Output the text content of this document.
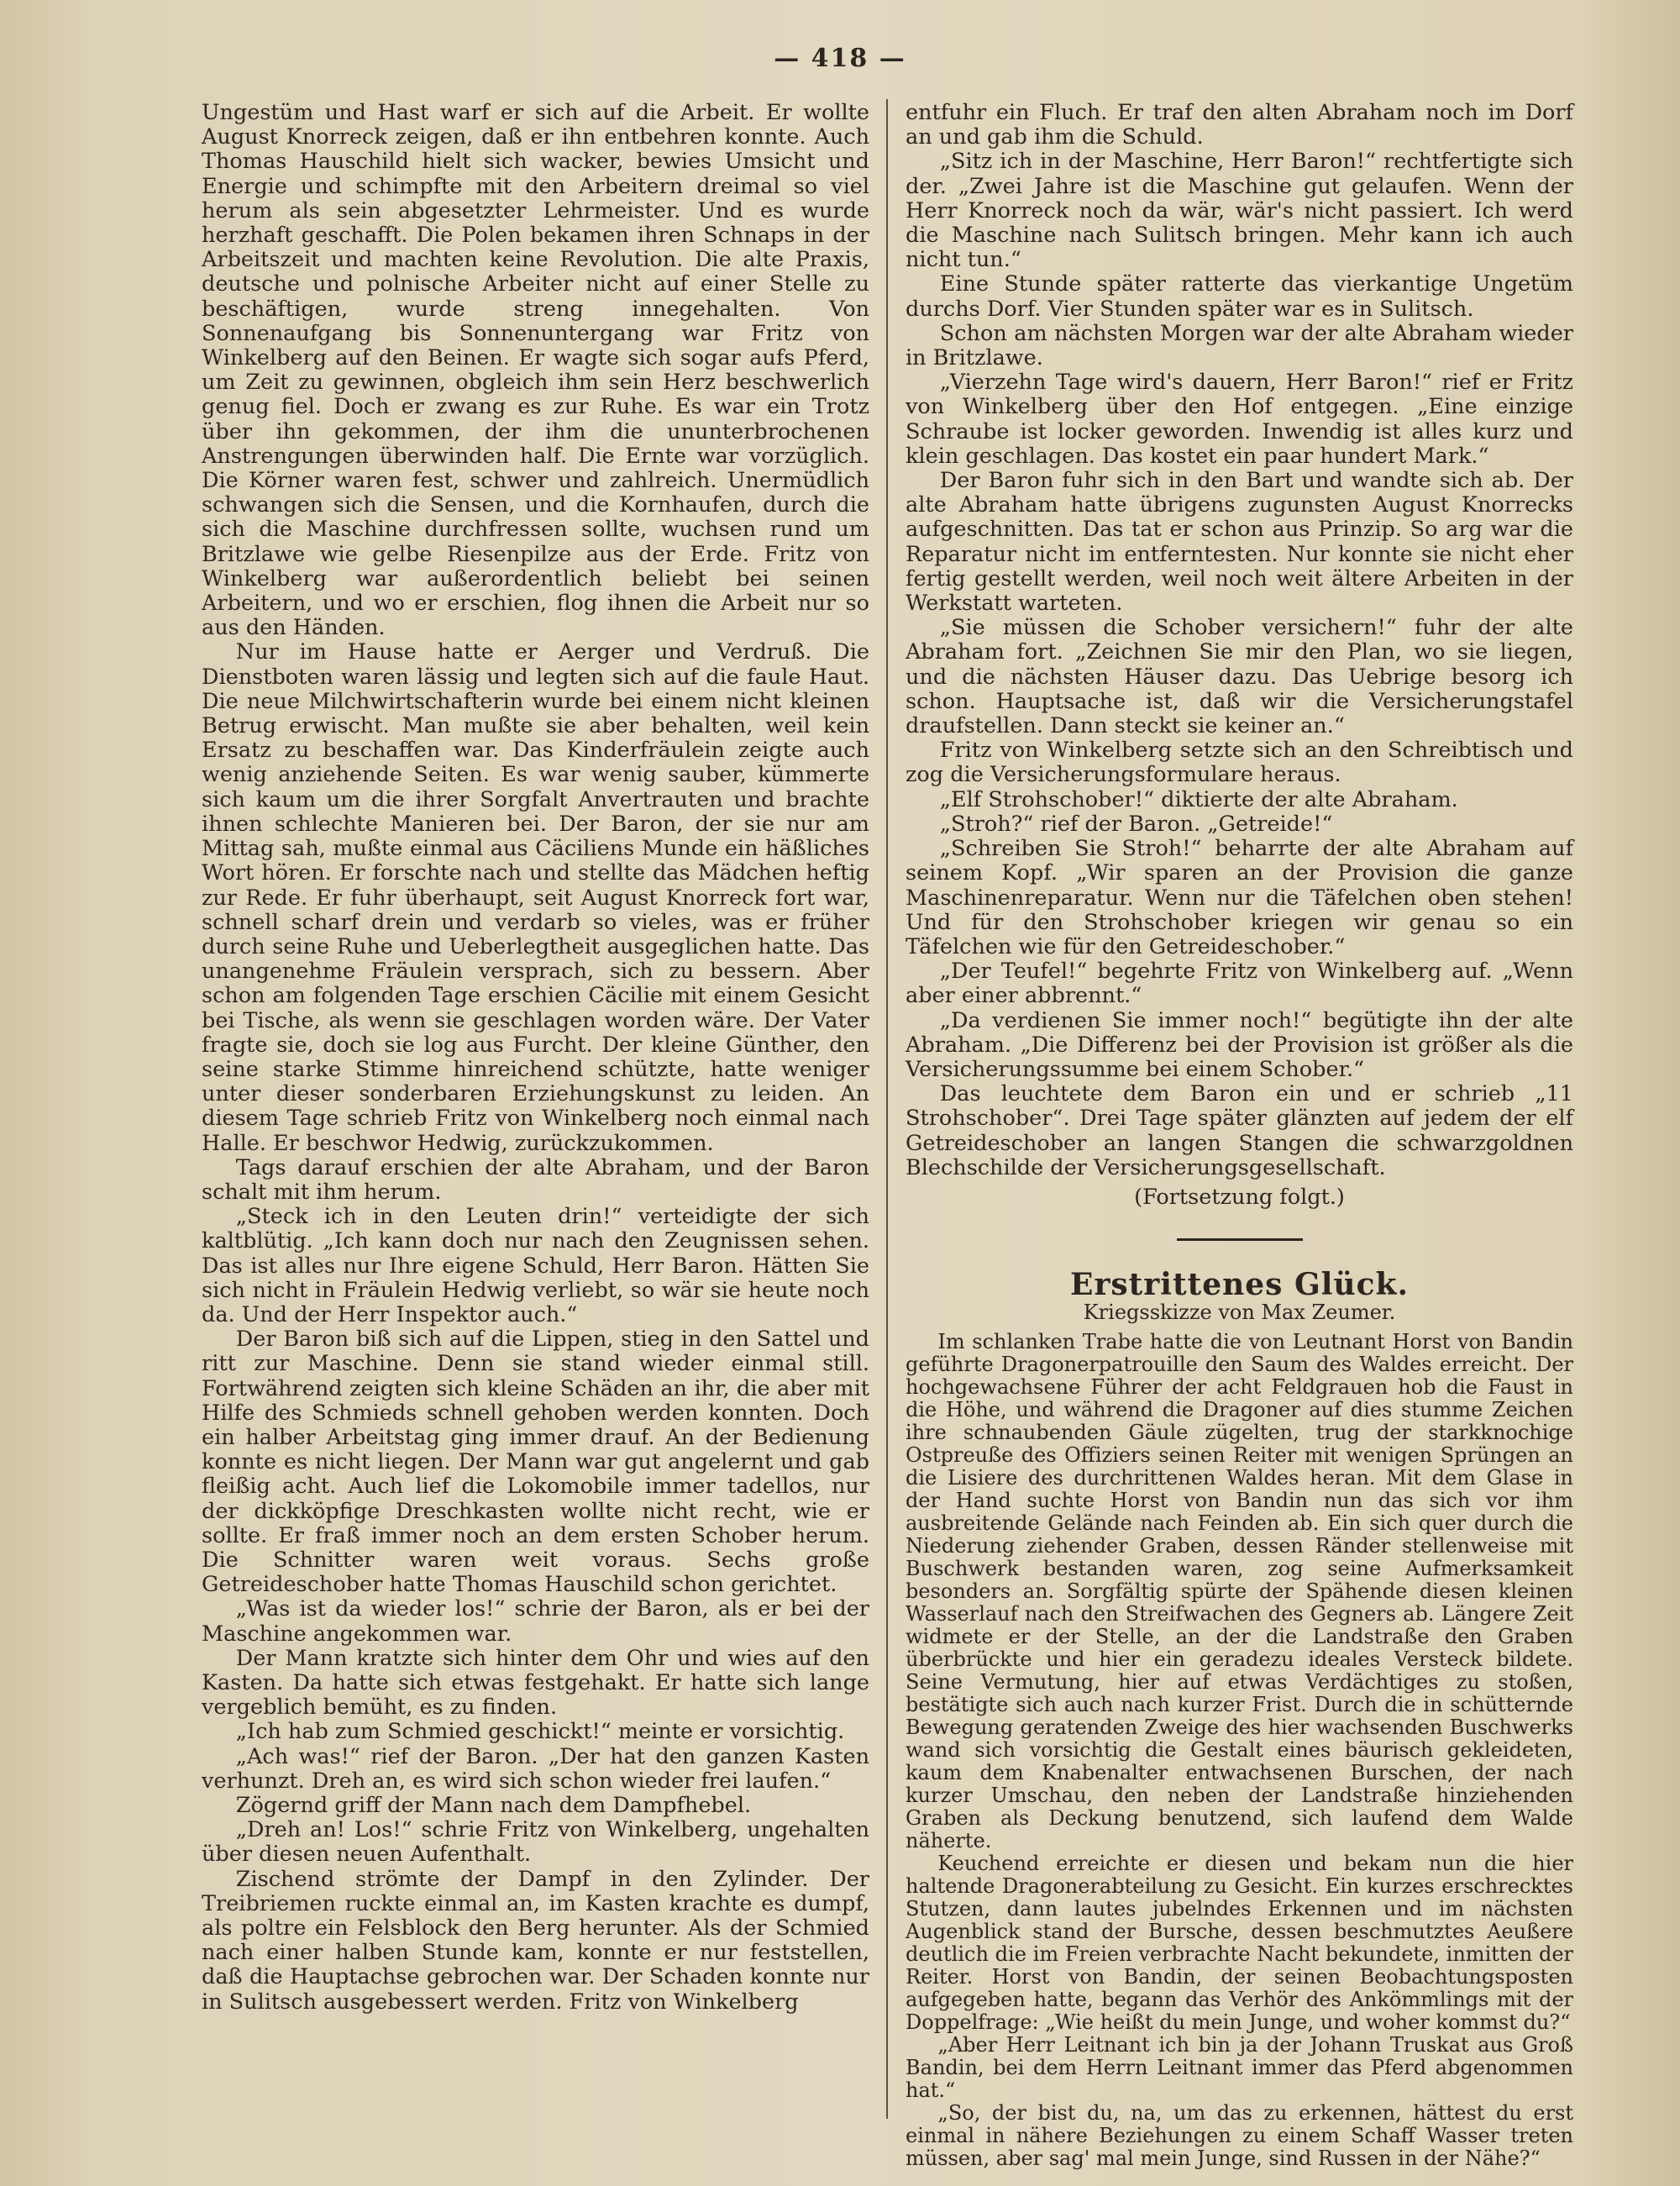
— 418 —

Ungestüm und Hast warf er sich auf die Arbeit. Er wollte August Knorreck zeigen, daß er ihn entbehren konnte. Auch Thomas Hauschild hielt sich wacker, bewies Umsicht und Energie und schimpfte mit den Arbeitern dreimal so viel herum als sein abgesetzter Lehrmeister. Und es wurde herzhaft geschafft. Die Polen bekamen ihren Schnaps in der Arbeitszeit und machten keine Revolution. Die alte Praxis, deutsche und polnische Arbeiter nicht auf einer Stelle zu beschäftigen, wurde streng innegehalten. Von Sonnenaufgang bis Sonnenuntergang war Fritz von Winkelberg auf den Beinen. Er wagte sich sogar aufs Pferd, um Zeit zu gewinnen, obgleich ihm sein Herz beschwerlich genug fiel. Doch er zwang es zur Ruhe. Es war ein Trotz über ihn gekommen, der ihm die ununterbrochenen Anstrengungen überwinden half. Die Ernte war vorzüglich. Die Körner waren fest, schwer und zahlreich. Unermüdlich schwangen sich die Sensen, und die Kornhaufen, durch die sich die Maschine durchfressen sollte, wuchsen rund um Britzlawe wie gelbe Riesenpilze aus der Erde. Fritz von Winkelberg war außerordentlich beliebt bei seinen Arbeitern, und wo er erschien, flog ihnen die Arbeit nur so aus den Händen.

Nur im Hause hatte er Aerger und Verdruß. Die Dienstboten waren lässig und legten sich auf die faule Haut. Die neue Milchwirtschafterin wurde bei einem nicht kleinen Betrug erwischt. Man mußte sie aber behalten, weil kein Ersatz zu beschaffen war. Das Kinderfräulein zeigte auch wenig anziehende Seiten. Es war wenig sauber, kümmerte sich kaum um die ihrer Sorgfalt Anvertrauten und brachte ihnen schlechte Manieren bei. Der Baron, der sie nur am Mittag sah, mußte einmal aus Cäciliens Munde ein häßliches Wort hören. Er forschte nach und stellte das Mädchen heftig zur Rede. Er fuhr überhaupt, seit August Knorreck fort war, schnell scharf drein und verdarb so vieles, was er früher durch seine Ruhe und Ueberlegtheit ausgeglichen hatte. Das unangenehme Fräulein versprach, sich zu bessern. Aber schon am folgenden Tage erschien Cäcilie mit einem Gesicht bei Tische, als wenn sie geschlagen worden wäre. Der Vater fragte sie, doch sie log aus Furcht. Der kleine Günther, den seine starke Stimme hinreichend schützte, hatte weniger unter dieser sonderbaren Erziehungskunst zu leiden. An diesem Tage schrieb Fritz von Winkelberg noch einmal nach Halle. Er beschwor Hedwig, zurückzukommen.

Tags darauf erschien der alte Abraham, und der Baron schalt mit ihm herum.

„Steck ich in den Leuten drin!“ verteidigte der sich kaltblütig. „Ich kann doch nur nach den Zeugnissen sehen. Das ist alles nur Ihre eigene Schuld, Herr Baron. Hätten Sie sich nicht in Fräulein Hedwig verliebt, so wär sie heute noch da. Und der Herr Inspektor auch.“

Der Baron biß sich auf die Lippen, stieg in den Sattel und ritt zur Maschine. Denn sie stand wieder einmal still. Fortwährend zeigten sich kleine Schäden an ihr, die aber mit Hilfe des Schmieds schnell gehoben werden konnten. Doch ein halber Arbeitstag ging immer drauf. An der Bedienung konnte es nicht liegen. Der Mann war gut angelernt und gab fleißig acht. Auch lief die Lokomobile immer tadellos, nur der dickköpfige Dreschkasten wollte nicht recht, wie er sollte. Er fraß immer noch an dem ersten Schober herum. Die Schnitter waren weit voraus. Sechs große Getreideschober hatte Thomas Hauschild schon gerichtet.

„Was ist da wieder los!“ schrie der Baron, als er bei der Maschine angekommen war.

Der Mann kratzte sich hinter dem Ohr und wies auf den Kasten. Da hatte sich etwas festgehakt. Er hatte sich lange vergeblich bemüht, es zu finden.

„Ich hab zum Schmied geschickt!“ meinte er vorsichtig.

„Ach was!“ rief der Baron. „Der hat den ganzen Kasten verhunzt. Dreh an, es wird sich schon wieder frei laufen.“

Zögernd griff der Mann nach dem Dampfhebel.

„Dreh an! Los!“ schrie Fritz von Winkelberg, ungehalten über diesen neuen Aufenthalt.

Zischend strömte der Dampf in den Zylinder. Der Treibriemen ruckte einmal an, im Kasten krachte es dumpf, als poltre ein Felsblock den Berg herunter. Als der Schmied nach einer halben Stunde kam, konnte er nur feststellen, daß die Hauptachse gebrochen war. Der Schaden konnte nur in Sulitsch ausgebessert werden. Fritz von Winkelberg

entfuhr ein Fluch. Er traf den alten Abraham noch im Dorf an und gab ihm die Schuld.

„Sitz ich in der Maschine, Herr Baron!“ rechtfertigte sich der. „Zwei Jahre ist die Maschine gut gelaufen. Wenn der Herr Knorreck noch da wär, wär's nicht passiert. Ich werd die Maschine nach Sulitsch bringen. Mehr kann ich auch nicht tun.“

Eine Stunde später ratterte das vierkantige Ungetüm durchs Dorf. Vier Stunden später war es in Sulitsch.

Schon am nächsten Morgen war der alte Abraham wieder in Britzlawe.

„Vierzehn Tage wird's dauern, Herr Baron!“ rief er Fritz von Winkelberg über den Hof entgegen. „Eine einzige Schraube ist locker geworden. Inwendig ist alles kurz und klein geschlagen. Das kostet ein paar hundert Mark.“

Der Baron fuhr sich in den Bart und wandte sich ab. Der alte Abraham hatte übrigens zugunsten August Knorrecks aufgeschnitten. Das tat er schon aus Prinzip. So arg war die Reparatur nicht im entferntesten. Nur konnte sie nicht eher fertig gestellt werden, weil noch weit ältere Arbeiten in der Werkstatt warteten.

„Sie müssen die Schober versichern!“ fuhr der alte Abraham fort. „Zeichnen Sie mir den Plan, wo sie liegen, und die nächsten Häuser dazu. Das Uebrige besorg ich schon. Hauptsache ist, daß wir die Versicherungstafel draufstellen. Dann steckt sie keiner an.“

Fritz von Winkelberg setzte sich an den Schreibtisch und zog die Versicherungsformulare heraus.

„Elf Strohschober!“ diktierte der alte Abraham.

„Stroh?“ rief der Baron. „Getreide!“

„Schreiben Sie Stroh!“ beharrte der alte Abraham auf seinem Kopf. „Wir sparen an der Provision die ganze Maschinenreparatur. Wenn nur die Täfelchen oben stehen! Und für den Strohschober kriegen wir genau so ein Täfelchen wie für den Getreideschober.“

„Der Teufel!“ begehrte Fritz von Winkelberg auf. „Wenn aber einer abbrennt.“

„Da verdienen Sie immer noch!“ begütigte ihn der alte Abraham. „Die Differenz bei der Provision ist größer als die Versicherungssumme bei einem Schober.“

Das leuchtete dem Baron ein und er schrieb „11 Strohschober“. Drei Tage später glänzten auf jedem der elf Getreideschober an langen Stangen die schwarzgoldnen Blechschilde der Versicherungsgesellschaft.

(Fortsetzung folgt.)

Erstrittenes Glück.
Kriegsskizze von Max Zeumer.

Im schlanken Trabe hatte die von Leutnant Horst von Bandin geführte Dragonerpatrouille den Saum des Waldes erreicht. Der hochgewachsene Führer der acht Feldgrauen hob die Faust in die Höhe, und während die Dragoner auf dies stumme Zeichen ihre schnaubenden Gäule zügelten, trug der starkknochige Ostpreuße des Offiziers seinen Reiter mit wenigen Sprüngen an die Lisiere des durchrittenen Waldes heran. Mit dem Glase in der Hand suchte Horst von Bandin nun das sich vor ihm ausbreitende Gelände nach Feinden ab. Ein sich quer durch die Niederung ziehender Graben, dessen Ränder stellenweise mit Buschwerk bestanden waren, zog seine Aufmerksamkeit besonders an. Sorgfältig spürte der Spähende diesen kleinen Wasserlauf nach den Streifwachen des Gegners ab. Längere Zeit widmete er der Stelle, an der die Landstraße den Graben überbrückte und hier ein geradezu ideales Versteck bildete. Seine Vermutung, hier auf etwas Verdächtiges zu stoßen, bestätigte sich auch nach kurzer Frist. Durch die in schütternde Bewegung geratenden Zweige des hier wachsenden Buschwerks wand sich vorsichtig die Gestalt eines bäurisch gekleideten, kaum dem Knabenalter entwachsenen Burschen, der nach kurzer Umschau, den neben der Landstraße hinziehenden Graben als Deckung benutzend, sich laufend dem Walde näherte.

Keuchend erreichte er diesen und bekam nun die hier haltende Dragonerabteilung zu Gesicht. Ein kurzes erschrecktes Stutzen, dann lautes jubelndes Erkennen und im nächsten Augenblick stand der Bursche, dessen beschmutztes Aeußere deutlich die im Freien verbrachte Nacht bekundete, inmitten der Reiter. Horst von Bandin, der seinen Beobachtungsposten aufgegeben hatte, begann das Verhör des Ankömmlings mit der Doppelfrage: „Wie heißt du mein Junge, und woher kommst du?“

„Aber Herr Leitnant ich bin ja der Johann Truskat aus Groß Bandin, bei dem Herrn Leitnant immer das Pferd abgenommen hat.“

„So, der bist du, na, um das zu erkennen, hättest du erst einmal in nähere Beziehungen zu einem Schaff Wasser treten müssen, aber sag' mal mein Junge, sind Russen in der Nähe?“
